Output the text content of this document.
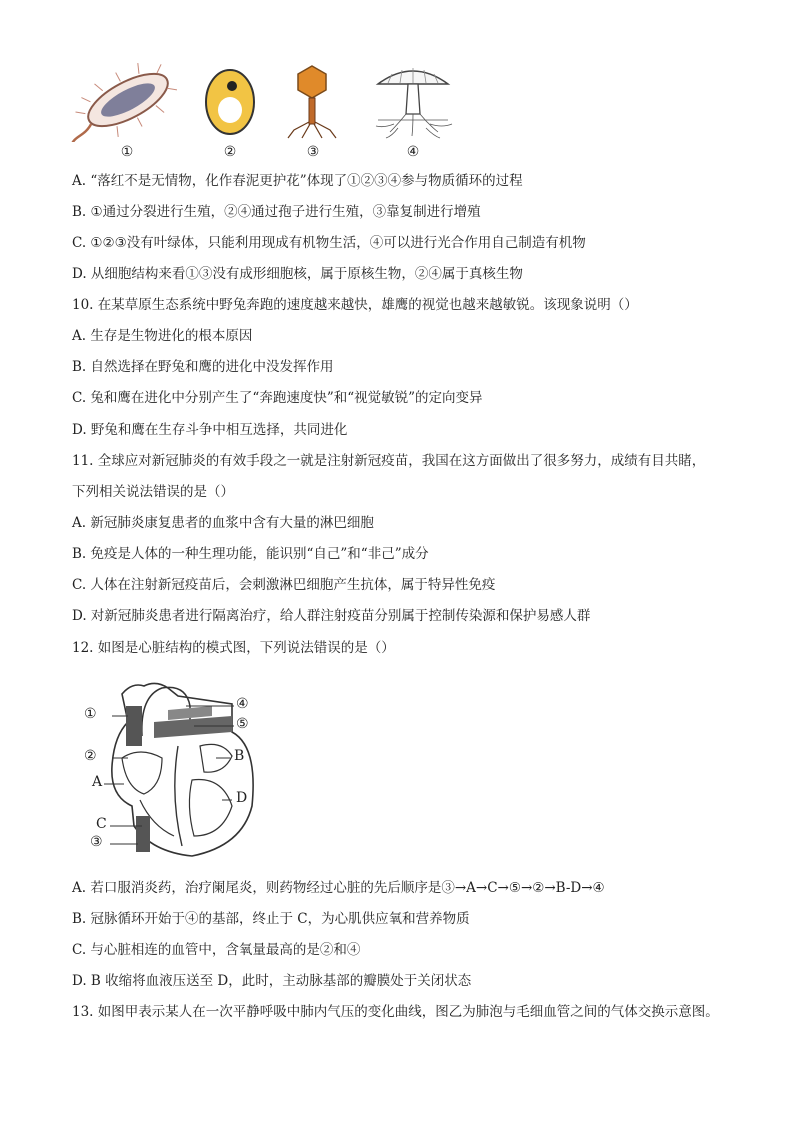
①	②	③	④
A. “落红不是无情物，化作春泥更护花”体现了①②③④参与物质循环的过程
B. ①通过分裂进行生殖，②④通过孢子进行生殖，③靠复制进行增殖
C. ①②③没有叶绿体，只能利用现成有机物生活，④可以进行光合作用自己制造有机物
D. 从细胞结构来看①③没有成形细胞核，属于原核生物，②④属于真核生物
10. 在某草原生态系统中野兔奔跑的速度越来越快，雄鹰的视觉也越来越敏锐。该现象说明（）
A. 生存是生物进化的根本原因
B. 自然选择在野兔和鹰的进化中没发挥作用
C. 兔和鹰在进化中分别产生了“奔跑速度快”和“视觉敏锐”的定向变异
D. 野兔和鹰在生存斗争中相互选择，共同进化
11. 全球应对新冠肺炎的有效手段之一就是注射新冠疫苗，我国在这方面做出了很多努力，成绩有目共睹，
下列相关说法错误的是（）
A. 新冠肺炎康复患者的血浆中含有大量的淋巴细胞
B. 免疫是人体的一种生理功能，能识别“自己”和“非己”成分
C. 人体在注射新冠疫苗后，会刺激淋巴细胞产生抗体，属于特异性免疫
D. 对新冠肺炎患者进行隔离治疗，给人群注射疫苗分别属于控制传染源和保护易感人群
12. 如图是心脏结构的模式图，下列说法错误的是（）
①
②
A
C
③
④
⑤
B
D
A. 若口服消炎药，治疗阑尾炎，则药物经过心脏的先后顺序是③→A→C→⑤→②→B-D→④
B. 冠脉循环开始于④的基部，终止于 C，为心肌供应氧和营养物质
C. 与心脏相连的血管中，含氧量最高的是②和④
D. B 收缩将血液压送至 D，此时，主动脉基部的瓣膜处于关闭状态
13. 如图甲表示某人在一次平静呼吸中肺内气压的变化曲线，图乙为肺泡与毛细血管之间的气体交换示意图。
